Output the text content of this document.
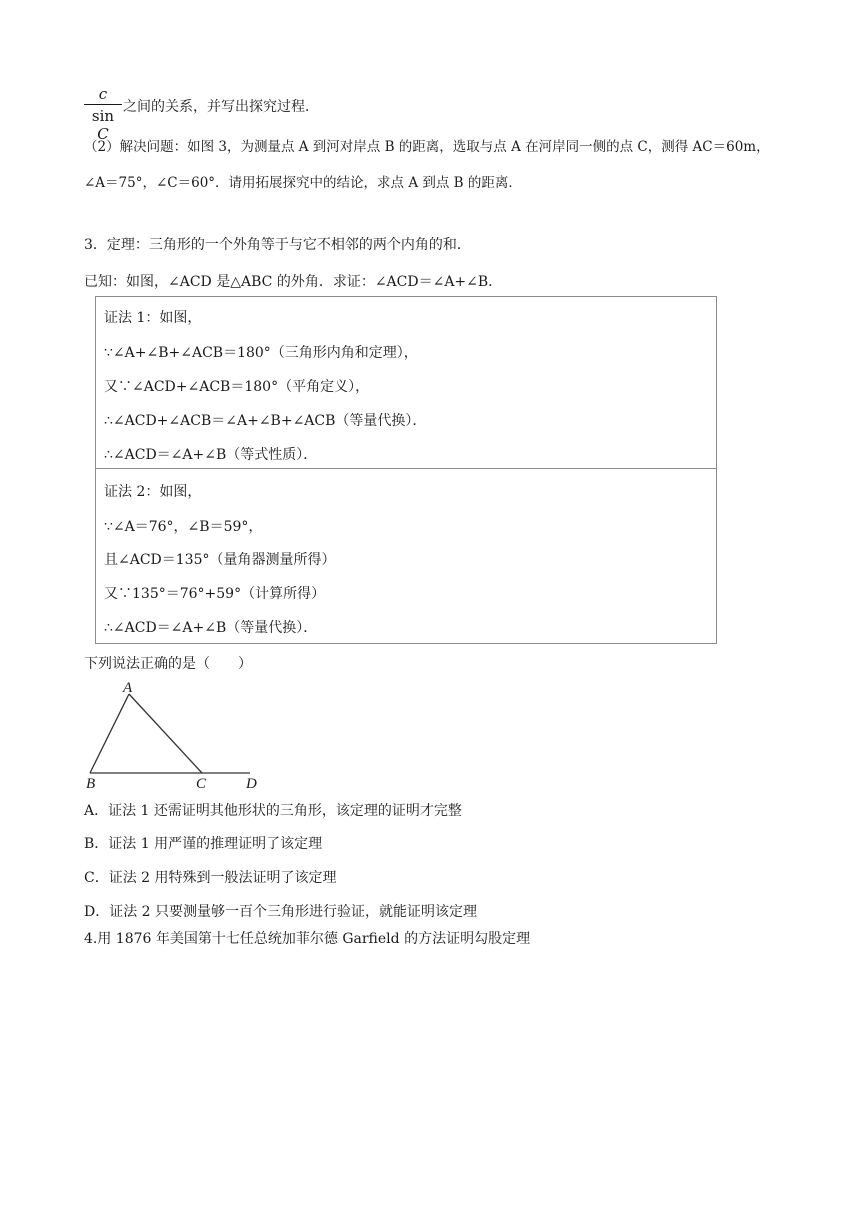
c
sin C
之间的关系，并写出探究过程．
（2）解决问题：如图 3，为测量点 A 到河对岸点 B 的距离，选取与点 A 在河岸同一侧的点 C，测得 AC＝60m，
∠A＝75°，∠C＝60°．请用拓展探究中的结论，求点 A 到点 B 的距离．
3．定理：三角形的一个外角等于与它不相邻的两个内角的和．
已知：如图，∠ACD 是△ABC 的外角．求证：∠ACD＝∠A+∠B．
证法 1：如图，
∵∠A+∠B+∠ACB＝180°（三角形内角和定理），
又∵∠ACD+∠ACB＝180°（平角定义），
∴∠ACD+∠ACB＝∠A+∠B+∠ACB（等量代换）．
∴∠ACD＝∠A+∠B（等式性质）．
证法 2：如图，
∵∠A＝76°，∠B＝59°，
且∠ACD＝135°（量角器测量所得）
又∵135°＝76°+59°（计算所得）
∴∠ACD＝∠A+∠B（等量代换）．
下列说法正确的是（　　）
A
B	C	D
A．证法 1 还需证明其他形状的三角形，该定理的证明才完整
B．证法 1 用严谨的推理证明了该定理
C．证法 2 用特殊到一般法证明了该定理
D．证法 2 只要测量够一百个三角形进行验证，就能证明该定理
4.用 1876 年美国第十七任总统加菲尔德 Garfield 的方法证明勾股定理
